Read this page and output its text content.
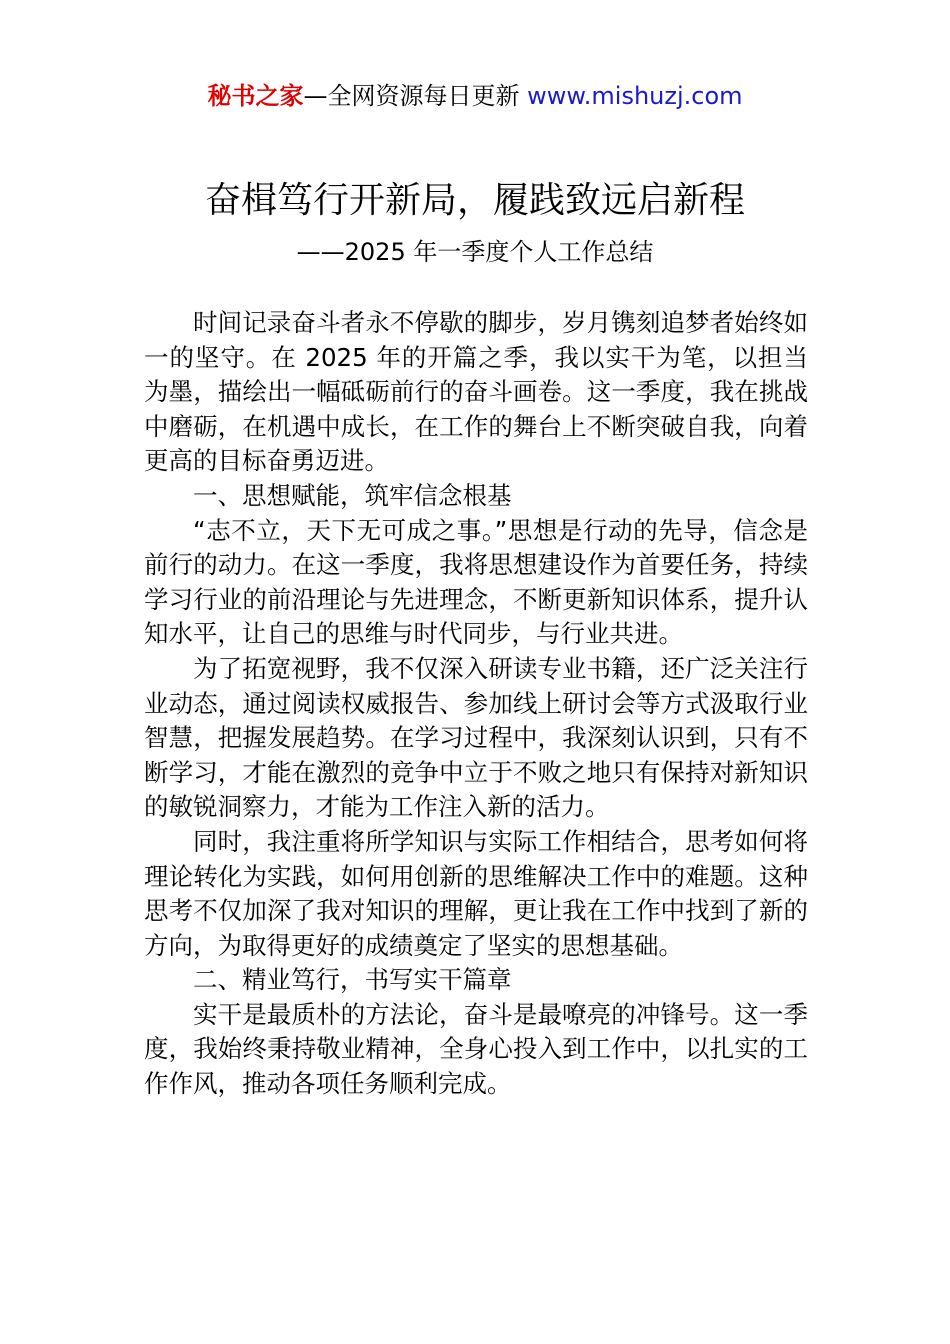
秘书之家—全网资源每日更新 www.mishuzj.com
奋楫笃行开新局，履践致远启新程
——2025 年一季度个人工作总结

时间记录奋斗者永不停歇的脚步，岁月镌刻追梦者始终如一的坚守。在 2025 年的开篇之季，我以实干为笔，以担当为墨，描绘出一幅砥砺前行的奋斗画卷。这一季度，我在挑战中磨砺，在机遇中成长，在工作的舞台上不断突破自我，向着更高的目标奋勇迈进。

一、思想赋能，筑牢信念根基

“志不立，天下无可成之事。”思想是行动的先导，信念是前行的动力。在这一季度，我将思想建设作为首要任务，持续学习行业的前沿理论与先进理念，不断更新知识体系，提升认知水平，让自己的思维与时代同步，与行业共进。

为了拓宽视野，我不仅深入研读专业书籍，还广泛关注行业动态，通过阅读权威报告、参加线上研讨会等方式汲取行业智慧，把握发展趋势。在学习过程中，我深刻认识到，只有不断学习，才能在激烈的竞争中立于不败之地只有保持对新知识的敏锐洞察力，才能为工作注入新的活力。

同时，我注重将所学知识与实际工作相结合，思考如何将理论转化为实践，如何用创新的思维解决工作中的难题。这种思考不仅加深了我对知识的理解，更让我在工作中找到了新的方向，为取得更好的成绩奠定了坚实的思想基础。

二、精业笃行，书写实干篇章

实干是最质朴的方法论，奋斗是最嘹亮的冲锋号。这一季度，我始终秉持敬业精神，全身心投入到工作中，以扎实的工作作风，推动各项任务顺利完成。
